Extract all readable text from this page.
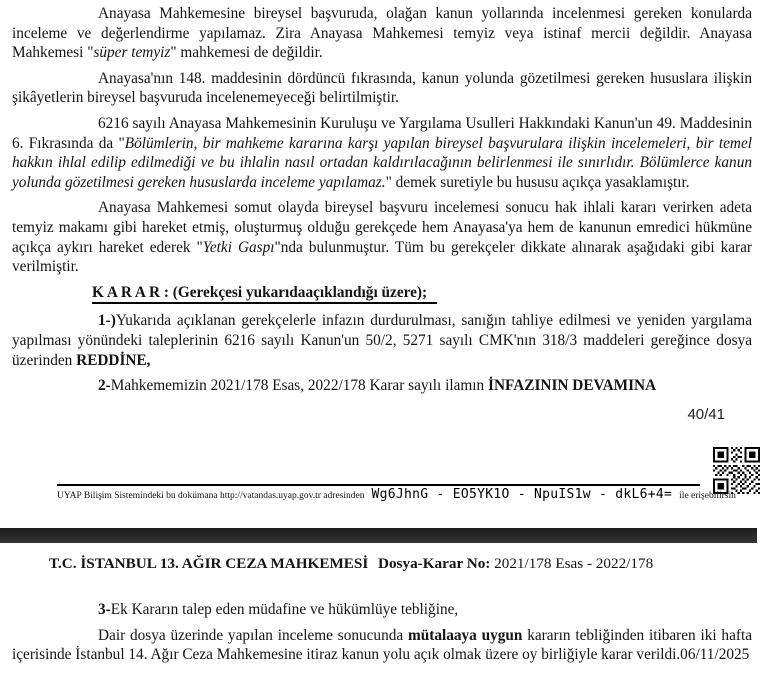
Anayasa Mahkemesine bireysel başvuruda, olağan kanun yollarında incelenmesi gereken konularda inceleme ve değerlendirme yapılamaz. Zira Anayasa Mahkemesi temyiz veya istinaf mercii değildir. Anayasa Mahkemesi "süper temyiz" mahkemesi de değildir.

Anayasa'nın 148. maddesinin dördüncü fıkrasında, kanun yolunda gözetilmesi gereken hususlara ilişkin şikâyetlerin bireysel başvuruda incelenemeyeceği belirtilmiştir.

6216 sayılı Anayasa Mahkemesinin Kuruluşu ve Yargılama Usulleri Hakkındaki Kanun'un 49. Maddesinin 6. Fıkrasında da "Bölümlerin, bir mahkeme kararına karşı yapılan bireysel başvurulara ilişkin incelemeleri, bir temel hakkın ihlal edilip edilmediği ve bu ihlalin nasıl ortadan kaldırılacağının belirlenmesi ile sınırlıdır. Bölümlerce kanun yolunda gözetilmesi gereken hususlarda inceleme yapılamaz." demek suretiyle bu hususu açıkça yasaklamıştır.

Anayasa Mahkemesi somut olayda bireysel başvuru incelemesi sonucu hak ihlali kararı verirken adeta temyiz makamı gibi hareket etmiş, oluşturmuş olduğu gerekçede hem Anayasa'ya hem de kanunun emredici hükmüne açıkça aykırı hareket ederek "Yetki Gaspı"nda bulunmuştur. Tüm bu gerekçeler dikkate alınarak aşağıdaki gibi karar verilmiştir.

K A R A R : (Gerekçesi yukarıdaaçıklandığı üzere);

1-)Yukarıda açıklanan gerekçelerle infazın durdurulması, sanığın tahliye edilmesi ve yeniden yargılama yapılması yönündeki taleplerinin 6216 sayılı Kanun'un 50/2, 5271 sayılı CMK'nın 318/3 maddeleri gereğince dosya üzerinden REDDİNE,

2-Mahkememizin 2021/178 Esas, 2022/178 Karar sayılı ilamın İNFAZININ DEVAMINA

40/41
UYAP Bilişim Sistemindeki bu dokümana http://vatandas.uyap.gov.tr adresinden Wg6JhnG - EO5YK1O - NpuIS1w - dkL6+4= ile erişebilirsin
T.C. İSTANBUL 13. AĞIR CEZA MAHKEMESİ Dosya-Karar No: 2021/178 Esas - 2022/178

3-Ek Kararın talep eden müdafine ve hükümlüye tebliğine,

Dair dosya üzerinde yapılan inceleme sonucunda mütalaaya uygun kararın tebliğinden itibaren iki hafta içerisinde İstanbul 14. Ağır Ceza Mahkemesine itiraz kanun yolu açık olmak üzere oy birliğiyle karar verildi.06/11/2025
